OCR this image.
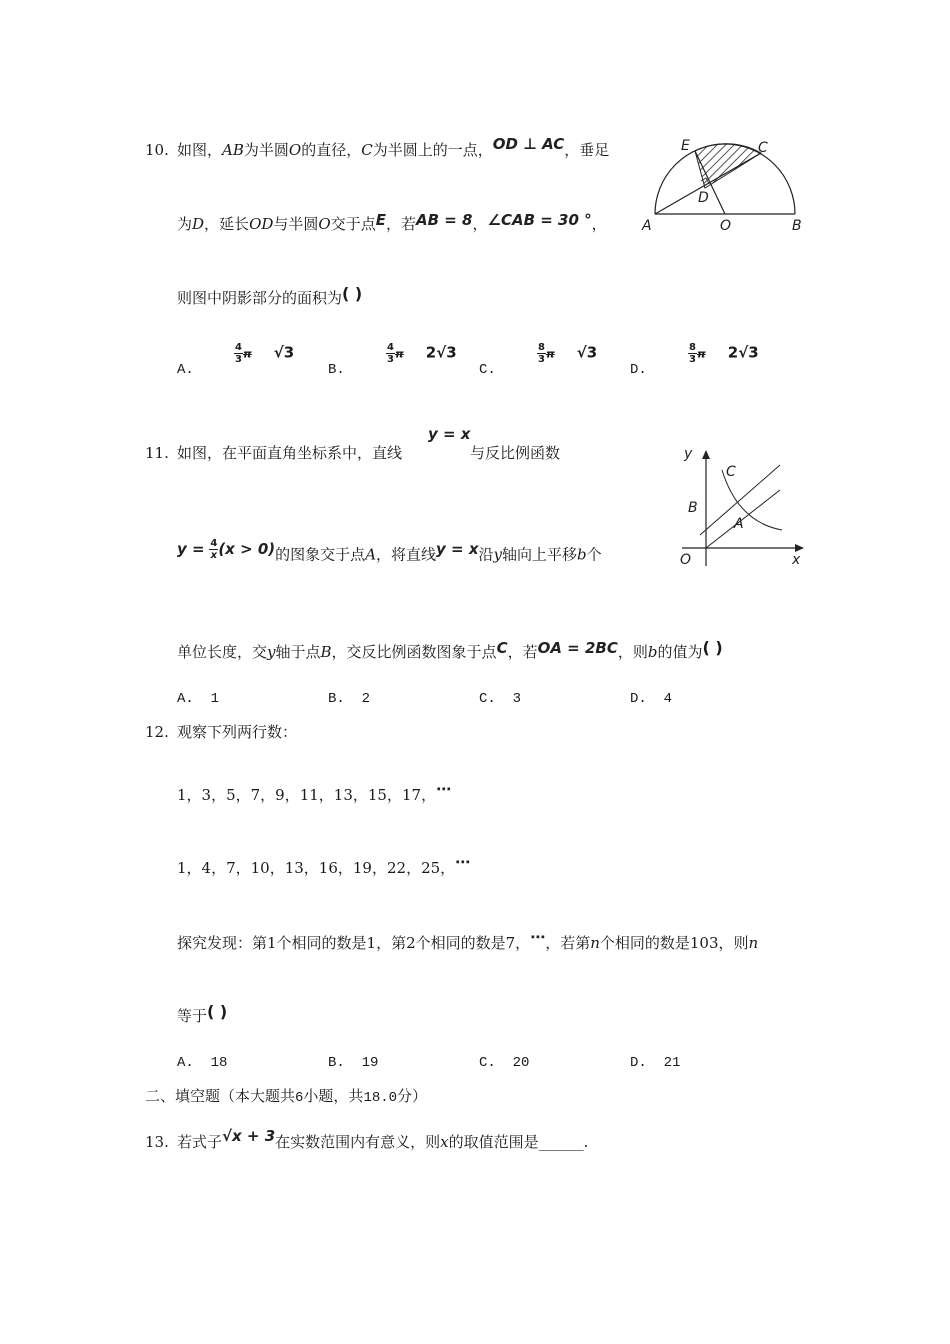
10. 如图，AB为半圆O的直径，C为半圆上的一点，OD ⊥ AC，垂足
为D，延长OD与半圆O交于点E，若AB = 8，∠CAB = 30 °，
则图中阴影部分的面积为( )
A.
$\frac{4}{3} \pi- √3$
B.
$\frac{4}{3} \pi- 2√3$
C.
$\frac{8}{3} \pi- √3$
D.
$\frac{8}{3} \pi- 2√3$
E	C
D
A	O	B
y = x
11. 如图，在平面直角坐标系中，直线	与反比例函数
$y = \frac{4}{x} (x > 0)$的图象交于点A，将直线y = x沿y轴向上平移b个
单位长度，交y轴于点B，交反比例函数图象于点C，若OA = 2BC，则b的值为( )
A. 1	B. 2	C. 3	D. 4
y
x
C
B
A
O
12. 观察下列两行数：
1，3，5，7，9，11，13，15，17，⋯
1，4，7，10，13，16，19，22，25，⋯
探究发现：第1个相同的数是1，第2个相同的数是7，⋯，若第n个相同的数是103，则n
等于( )
A. 18	B. 19	C. 20	D. 21
二、填空题（本大题共6小题，共18.0分）
13. 若式子√x + 3在实数范围内有意义，则x的取值范围是______.
